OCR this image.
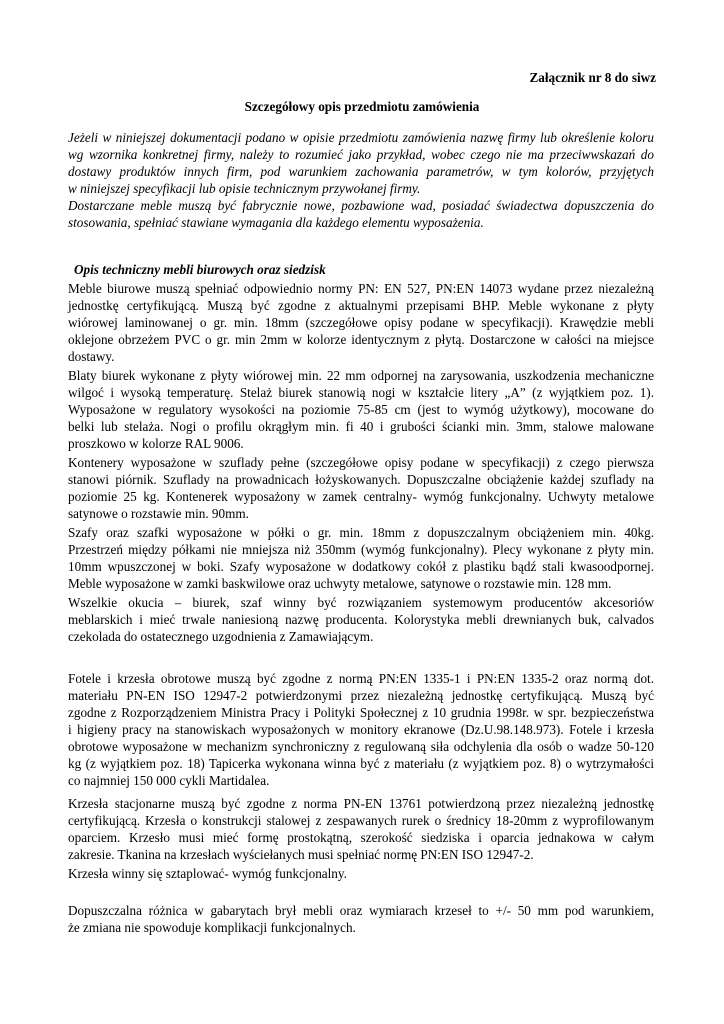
Załącznik nr 8 do siwz
Szczegółowy opis przedmiotu zamówienia
Jeżeli w niniejszej dokumentacji podano w opisie przedmiotu zamówienia nazwę firmy lub określenie koloru
wg wzornika konkretnej firmy, należy to rozumieć jako przykład, wobec czego nie ma przeciwwskazań do
dostawy produktów innych firm, pod warunkiem zachowania parametrów, w tym kolorów, przyjętych
w niniejszej specyfikacji lub opisie technicznym przywołanej firmy.
Dostarczane meble muszą być fabrycznie nowe, pozbawione wad, posiadać świadectwa dopuszczenia do
stosowania, spełniać stawiane wymagania dla każdego elementu wyposażenia.
Opis techniczny mebli biurowych oraz siedzisk
Meble biurowe muszą spełniać odpowiednio normy PN: EN 527, PN:EN 14073 wydane przez niezależną
jednostkę certyfikującą. Muszą być zgodne z aktualnymi przepisami BHP. Meble wykonane z płyty
wiórowej laminowanej o gr. min. 18mm (szczegółowe opisy podane w specyfikacji). Krawędzie mebli
oklejone obrzeżem PVC o gr. min 2mm w kolorze identycznym z płytą. Dostarczone w całości na miejsce
dostawy.
Blaty biurek wykonane z płyty wiórowej min. 22 mm odpornej na zarysowania, uszkodzenia mechaniczne
wilgoć i wysoką temperaturę. Stelaż biurek stanowią nogi w kształcie litery „A” (z wyjątkiem poz. 1).
Wyposażone w regulatory wysokości na poziomie 75-85 cm (jest to wymóg użytkowy), mocowane do
belki lub stelaża. Nogi o profilu okrągłym min. fi 40 i grubości ścianki min. 3mm, stalowe malowane
proszkowo w kolorze RAL 9006.
Kontenery wyposażone w szuflady pełne (szczegółowe opisy podane w specyfikacji) z czego pierwsza
stanowi piórnik. Szuflady na prowadnicach łożyskowanych. Dopuszczalne obciążenie każdej szuflady na
poziomie 25 kg. Kontenerek wyposażony w zamek centralny- wymóg funkcjonalny. Uchwyty metalowe
satynowe o rozstawie min. 90mm.
Szafy oraz szafki wyposażone w półki o gr. min. 18mm z dopuszczalnym obciążeniem min. 40kg.
Przestrzeń między półkami nie mniejsza niż 350mm (wymóg funkcjonalny). Plecy wykonane z płyty min.
10mm wpuszczonej w boki. Szafy wyposażone w dodatkowy cokół z plastiku bądź stali kwasoodpornej.
Meble wyposażone w zamki baskwilowe oraz uchwyty metalowe, satynowe o rozstawie min. 128 mm.
Wszelkie okucia – biurek, szaf winny być rozwiązaniem systemowym producentów akcesoriów
meblarskich i mieć trwale naniesioną nazwę producenta. Kolorystyka mebli drewnianych buk, calvados
czekolada do ostatecznego uzgodnienia z Zamawiającym.
Fotele i krzesła obrotowe muszą być zgodne z normą PN:EN 1335-1 i PN:EN 1335-2 oraz normą dot.
materiału PN-EN ISO 12947-2 potwierdzonymi przez niezależną jednostkę certyfikującą. Muszą być
zgodne z Rozporządzeniem Ministra Pracy i Polityki Społecznej z 10 grudnia 1998r. w spr. bezpieczeństwa
i higieny pracy na stanowiskach wyposażonych w monitory ekranowe (Dz.U.98.148.973). Fotele i krzesła
obrotowe wyposażone w mechanizm synchroniczny z regulowaną siła odchylenia dla osób o wadze 50-120
kg (z wyjątkiem poz. 18) Tapicerka wykonana winna być z materiału (z wyjątkiem poz. 8) o wytrzymałości
co najmniej 150 000 cykli Martidalea.
Krzesła stacjonarne muszą być zgodne z norma PN-EN 13761 potwierdzoną przez niezależną jednostkę
certyfikującą. Krzesła o konstrukcji stalowej z zespawanych rurek o średnicy 18-20mm z wyprofilowanym
oparciem. Krzesło musi mieć formę prostokątną, szerokość siedziska i oparcia jednakowa w całym
zakresie. Tkanina na krzesłach wyściełanych musi spełniać normę PN:EN ISO 12947-2.
Krzesła winny się sztaplować- wymóg funkcjonalny.
Dopuszczalna różnica w gabarytach brył mebli oraz wymiarach krzeseł to +/- 50 mm pod warunkiem,
że zmiana nie spowoduje komplikacji funkcjonalnych.
